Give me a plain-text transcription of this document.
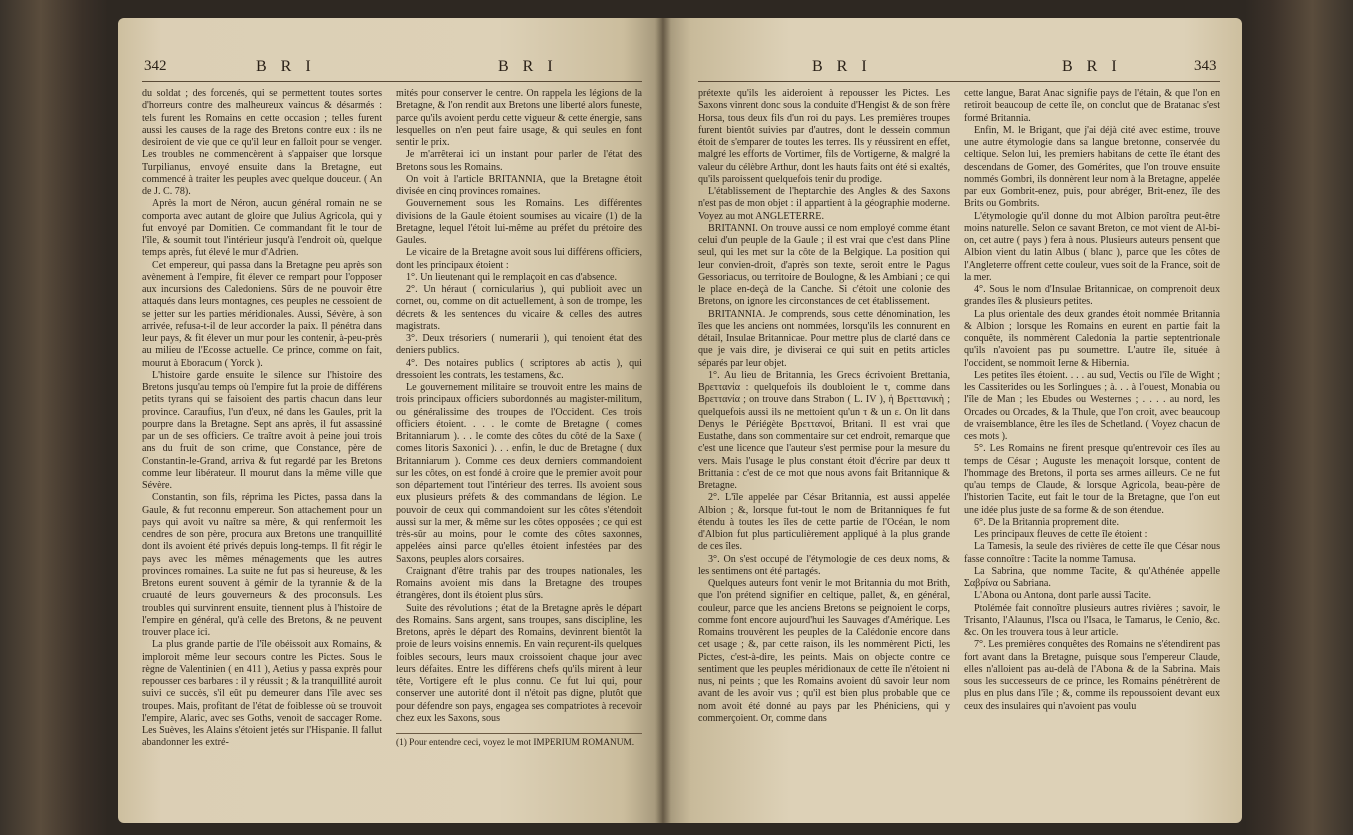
342	B R I	B R I

du soldat ; des forcenés, qui se permettent toutes sortes d'horreurs contre des malheureux vaincus & désarmés : tels furent les Romains en cette occasion ; telles furent aussi les causes de la rage des Bretons contre eux : ils ne desiroient de vie que ce qu'il leur en falloit pour se venger. Les troubles ne commencèrent à s'appaiser que lorsque Turpilianus, envoyé ensuite dans la Bretagne, eut commencé à traiter les peuples avec quelque douceur. ( An de J. C. 78).

Après la mort de Néron, aucun général romain ne se comporta avec autant de gloire que Julius Agricola, qui y fut envoyé par Domitien. Ce commandant fit le tour de l'île, & soumit tout l'intérieur jusqu'à l'endroit où, quelque temps après, fut élevé le mur d'Adrien.

Cet empereur, qui passa dans la Bretagne peu après son avènement à l'empire, fit élever ce rempart pour l'opposer aux incursions des Caledoniens. Sûrs de ne pouvoir être attaqués dans leurs montagnes, ces peuples ne cessoient de se jetter sur les parties méridionales. Aussi, Sévère, à son arrivée, refusa-t-il de leur accorder la paix. Il pénétra dans leur pays, & fit élever un mur pour les contenir, à-peu-près au milieu de l'Ecosse actuelle. Ce prince, comme on fait, mourut à Eboracum ( Yorck ).

L'histoire garde ensuite le silence sur l'histoire des Bretons jusqu'au temps où l'empire fut la proie de différens petits tyrans qui se faisoient des partis chacun dans leur province. Caraufius, l'un d'eux, né dans les Gaules, prit la pourpre dans la Bretagne. Sept ans après, il fut assassiné par un de ses officiers. Ce traître avoit à peine joui trois ans du fruit de son crime, que Constance, père de Constantin-le-Grand, arriva & fut regardé par les Bretons comme leur libérateur. Il mourut dans la même ville que Sévère.

Constantin, son fils, réprima les Pictes, passa dans la Gaule, & fut reconnu empereur. Son attachement pour un pays qui avoit vu naître sa mère, & qui renfermoit les cendres de son père, procura aux Bretons une tranquillité dont ils avoient été privés depuis long-temps. Il fit régir le pays avec les mêmes ménagements que les autres provinces romaines. La suite ne fut pas si heureuse, & les Bretons eurent souvent à gémir de la tyrannie & de la cruauté de leurs gouverneurs & des proconsuls. Les troubles qui survinrent ensuite, tiennent plus à l'histoire de l'empire en général, qu'à celle des Bretons, & ne peuvent trouver place ici.

La plus grande partie de l'île obéissoit aux Romains, & imploroit même leur secours contre les Pictes. Sous le règne de Valentinien ( en 411 ), Aetius y passa exprès pour repousser ces barbares : il y réussit ; & la tranquillité auroit suivi ce succès, s'il eût pu demeurer dans l'île avec ses troupes. Mais, profitant de l'état de foiblesse où se trouvoit l'empire, Alaric, avec ses Goths, venoit de saccager Rome. Les Suèves, les Alains s'étoient jetés sur l'Hispanie. Il fallut abandonner les extré-

mités pour conserver le centre. On rappela les légions de la Bretagne, & l'on rendit aux Bretons une liberté alors funeste, parce qu'ils avoient perdu cette vigueur & cette énergie, sans lesquelles on n'en peut faire usage, & qui seules en font sentir le prix.

Je m'arrêterai ici un instant pour parler de l'état des Bretons sous les Romains.

On voit à l'article BRITANNIA, que la Bretagne étoit divisée en cinq provinces romaines.

Gouvernement sous les Romains. Les différentes divisions de la Gaule étoient soumises au vicaire (1) de la Bretagne, lequel l'étoit lui-même au préfet du prétoire des Gaules.

Le vicaire de la Bretagne avoit sous lui différens officiers, dont les principaux étoient :

1°. Un lieutenant qui le remplaçoit en cas d'absence.

2°. Un héraut ( cornicularius ), qui publioit avec un cornet, ou, comme on dit actuellement, à son de trompe, les décrets & les sentences du vicaire & celles des autres magistrats.

3°. Deux trésoriers ( numerarii ), qui tenoient état des deniers publics.

4°. Des notaires publics ( scriptores ab actis ), qui dressoient les contrats, les testamens, &c.

Le gouvernement militaire se trouvoit entre les mains de trois principaux officiers subordonnés au magister-militum, ou généralissime des troupes de l'Occident. Ces trois officiers étoient. . . . le comte de Bretagne ( comes Britanniarum ). . . le comte des côtes du côté de la Saxe ( comes litoris Saxonici ). . . enfin, le duc de Bretagne ( dux Britanniarum ). Comme ces deux derniers commandoient sur les côtes, on est fondé à croire que le premier avoit pour son département tout l'intérieur des terres. Ils avoient sous eux plusieurs préfets & des commandans de légion. Le pouvoir de ceux qui commandoient sur les côtes s'étendoit aussi sur la mer, & même sur les côtes opposées ; ce qui est très-sûr au moins, pour le comte des côtes saxonnes, appelées ainsi parce qu'elles étoient infestées par des Saxons, peuples alors corsaires.

Craignant d'être trahis par des troupes nationales, les Romains avoient mis dans la Bretagne des troupes étrangères, dont ils étoient plus sûrs.

Suite des révolutions ; état de la Bretagne après le départ des Romains. Sans argent, sans troupes, sans discipline, les Bretons, après le départ des Romains, devinrent bientôt la proie de leurs voisins ennemis. En vain reçurent-ils quelques foibles secours, leurs maux croissoient chaque jour avec leurs défaites. Entre les différens chefs qu'ils mirent à leur tête, Vortigere eft le plus connu. Ce fut lui qui, pour conserver une autorité dont il n'étoit pas digne, plutôt que pour défendre son pays, engagea ses compatriotes à recevoir chez eux les Saxons, sous

(1) Pour entendre ceci, voyez le mot IMPERIUM ROMANUM.
B R I	B R I	343

prétexte qu'ils les aideroient à repousser les Pictes. Les Saxons vinrent donc sous la conduite d'Hengist & de son frère Horsa, tous deux fils d'un roi du pays. Les premières troupes furent bientôt suivies par d'autres, dont le dessein commun étoit de s'emparer de toutes les terres. Ils y réussirent en effet, malgré les efforts de Vortimer, fils de Vortigerne, & malgré la valeur du célèbre Arthur, dont les hauts faits ont été si exaltés, qu'ils paroissent quelquefois tenir du prodige.

L'établissement de l'heptarchie des Angles & des Saxons n'est pas de mon objet : il appartient à la géographie moderne. Voyez au mot ANGLETERRE.

BRITANNI. On trouve aussi ce nom employé comme étant celui d'un peuple de la Gaule ; il est vrai que c'est dans Pline seul, qui les met sur la côte de la Belgique. La position qui leur convien-droit, d'après son texte, seroit entre le Pagus Gessoriacus, ou territoire de Boulogne, & les Ambiani ; ce qui le place en-deçà de la Canche. Si c'étoit une colonie des Bretons, on ignore les circonstances de cet établissement.

BRITANNIA. Je comprends, sous cette dénomination, les îles que les anciens ont nommées, lorsqu'ils les connurent en détail, Insulae Britannicae. Pour mettre plus de clarté dans ce que je vais dire, je diviserai ce qui suit en petits articles séparés par leur objet.

1°. Au lieu de Britannia, les Grecs écrivoient Brettania, Βρεττανία : quelquefois ils doubloient le τ, comme dans Βρεττανία ; on trouve dans Strabon ( L. IV ), ἡ Βρεττανικὴ ; quelquefois aussi ils ne mettoient qu'un τ & un ε. On lit dans Denys le Périégète Βρεττανοί, Britani. Il est vrai que Eustathe, dans son commentaire sur cet endroit, remarque que c'est une licence que l'auteur s'est permise pour la mesure du vers. Mais l'usage le plus constant étoit d'écrire par deux tt Brittania : c'est de ce mot que nous avons fait Britannique & Bretagne.

2°. L'île appelée par César Britannia, est aussi appelée Albion ; &, lorsque fut-tout le nom de Britanniques fe fut étendu à toutes les îles de cette partie de l'Océan, le nom d'Albion fut plus particulièrement appliqué à la plus grande de ces îles.

3°. On s'est occupé de l'étymologie de ces deux noms, & les sentimens ont été partagés.

Quelques auteurs font venir le mot Britannia du mot Brith, que l'on prétend signifier en celtique, pallet, &, en général, couleur, parce que les anciens Bretons se peignoient le corps, comme font encore aujourd'hui les Sauvages d'Amérique. Les Romains trouvèrent les peuples de la Calédonie encore dans cet usage ; &, par cette raison, ils les nommèrent Picti, les Pictes, c'est-à-dire, les peints. Mais on objecte contre ce sentiment que les peuples méridionaux de cette île n'étoient ni nus, ni peints ; que les Romains avoient dû savoir leur nom avant de les avoir vus ; qu'il est bien plus probable que ce nom avoit été donné au pays par les Phéniciens, qui y commerçoient. Or, comme dans

cette langue, Barat Anac signifie pays de l'étain, & que l'on en retiroit beaucoup de cette île, on conclut que de Bratanac s'est formé Britannia.

Enfin, M. le Brigant, que j'ai déjà cité avec estime, trouve une autre étymologie dans sa langue bretonne, conservée du celtique. Selon lui, les premiers habitans de cette île étant des descendans de Gomer, des Gomérites, que l'on trouve ensuite nommés Gombri, ils donnèrent leur nom à la Bretagne, appelée par eux Gombrit-enez, puis, pour abréger, Brit-enez, île des Brits ou Gombrits.

L'étymologie qu'il donne du mot Albion paroîtra peut-être moins naturelle. Selon ce savant Breton, ce mot vient de Al-bi-on, cet autre ( pays ) fera à nous. Plusieurs auteurs pensent que Albion vient du latin Albus ( blanc ), parce que les côtes de l'Angleterre offrent cette couleur, vues soit de la France, soit de la mer.

4°. Sous le nom d'Insulae Britannicae, on comprenoit deux grandes îles & plusieurs petites.

La plus orientale des deux grandes étoit nommée Britannia & Albion ; lorsque les Romains en eurent en partie fait la conquête, ils nommèrent Caledonia la partie septentrionale qu'ils n'avoient pas pu soumettre. L'autre île, située à l'occident, se nommoit Ierne & Hibernia.

Les petites îles étoient. . . . au sud, Vectis ou l'île de Wight ; les Cassiterides ou les Sorlingues ; à. . . à l'ouest, Monabia ou l'île de Man ; les Ebudes ou Westernes ; . . . . au nord, les Orcades ou Orcades, & la Thule, que l'on croit, avec beaucoup de vraisemblance, être les îles de Schetland. ( Voyez chacun de ces mots ).

5°. Les Romains ne firent presque qu'entrevoir ces îles au temps de César ; Auguste les menaçoit lorsque, content de l'hommage des Bretons, il porta ses armes ailleurs. Ce ne fut qu'au temps de Claude, & lorsque Agricola, beau-père de l'historien Tacite, eut fait le tour de la Bretagne, que l'on eut une idée plus juste de sa forme & de son étendue.

6°. De la Britannia proprement dite.

Les principaux fleuves de cette île étoient :

La Tamesis, la seule des rivières de cette île que César nous fasse connoître : Tacite la nomme Tamusa.

La Sabrina, que nomme Tacite, & qu'Athénée appelle Σαβρίνα ou Sabriana.

L'Abona ou Antona, dont parle aussi Tacite.

Ptolémée fait connoître plusieurs autres rivières ; savoir, le Trisanto, l'Alaunus, l'Isca ou l'Isaca, le Tamarus, le Cenio, &c. &c. On les trouvera tous à leur article.

7°. Les premières conquêtes des Romains ne s'étendirent pas fort avant dans la Bretagne, puisque sous l'empereur Claude, elles n'alloient pas au-delà de l'Abona & de la Sabrina. Mais sous les successeurs de ce prince, les Romains pénétrèrent de plus en plus dans l'île ; &, comme ils repoussoient devant eux ceux des insulaires qui n'avoient pas voulu
